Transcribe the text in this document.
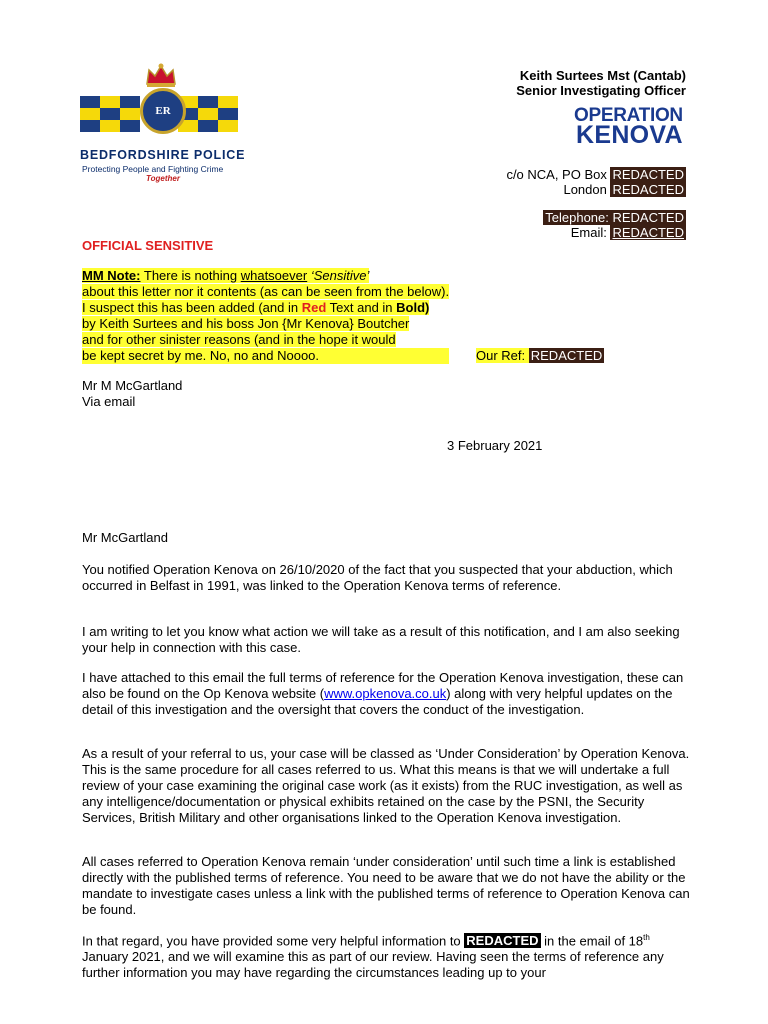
ER
BEDFORDSHIRE POLICE
Protecting People and Fighting Crime
Together
Keith Surtees Mst (Cantab)
Senior Investigating Officer
OPERATION
KENOVA
c/o NCA, PO Box REDACTED
London REDACTED
Telephone: REDACTED
Email: REDACTED
OFFICIAL SENSITIVE
MM Note: There is nothing whatsoever ‘Sensitive’
about this letter nor it contents (as can be seen from the below).
I suspect this has been added (and in Red Text and in Bold)
by Keith Surtees and his boss Jon {Mr Kenova} Boutcher
and for other sinister reasons (and in the hope it would
be kept secret by me. No, no and Noooo.	Our Ref: REDACTED
Mr M McGartland
Via email
3 February 2021
Mr McGartland
You notified Operation Kenova on 26/10/2020 of the fact that you suspected that your abduction, which occurred in Belfast in 1991, was linked to the Operation Kenova terms of reference.
I am writing to let you know what action we will take as a result of this notification, and I am also seeking your help in connection with this case.
I have attached to this email the full terms of reference for the Operation Kenova investigation, these can also be found on the Op Kenova website (www.opkenova.co.uk) along with very helpful updates on the detail of this investigation and the oversight that covers the conduct of the investigation.
As a result of your referral to us, your case will be classed as ‘Under Consideration’ by Operation Kenova. This is the same procedure for all cases referred to us. What this means is that we will undertake a full review of your case examining the original case work (as it exists) from the RUC investigation, as well as any intelligence/documentation or physical exhibits retained on the case by the PSNI, the Security Services, British Military and other organisations linked to the Operation Kenova investigation.
All cases referred to Operation Kenova remain ‘under consideration’ until such time a link is established directly with the published terms of reference. You need to be aware that we do not have the ability or the mandate to investigate cases unless a link with the published terms of reference to Operation Kenova can be found.
In that regard, you have provided some very helpful information to REDACTED in the email of 18th January 2021, and we will examine this as part of our review. Having seen the terms of reference any further information you may have regarding the circumstances leading up to your
